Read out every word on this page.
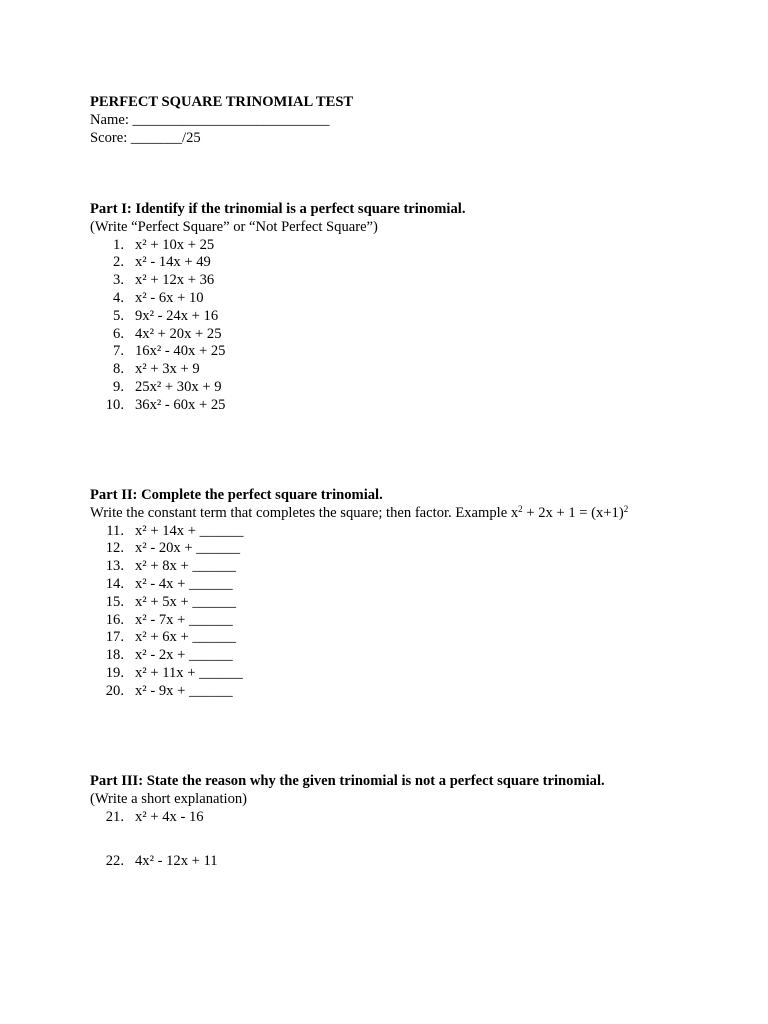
PERFECT SQUARE TRINOMIAL TEST
Name: ___________________________
Score: _______/25
Part I: Identify if the trinomial is a perfect square trinomial.
(Write “Perfect Square” or “Not Perfect Square”)
1. x² + 10x + 25
2. x² - 14x + 49
3. x² + 12x + 36
4. x² - 6x + 10
5. 9x² - 24x + 16
6. 4x² + 20x + 25
7. 16x² - 40x + 25
8. x² + 3x + 9
9. 25x² + 30x + 9
10. 36x² - 60x + 25
Part II: Complete the perfect square trinomial.
Write the constant term that completes the square; then factor. Example $x^2 + 2x + 1 = (x+1)^2$
11. x² + 14x + ______
12. x² - 20x + ______
13. x² + 8x + ______
14. x² - 4x + ______
15. x² + 5x + ______
16. x² - 7x + ______
17. x² + 6x + ______
18. x² - 2x + ______
19. x² + 11x + ______
20. x² - 9x + ______
Part III: State the reason why the given trinomial is not a perfect square trinomial.
(Write a short explanation)
21. x² + 4x - 16
22. 4x² - 12x + 11
